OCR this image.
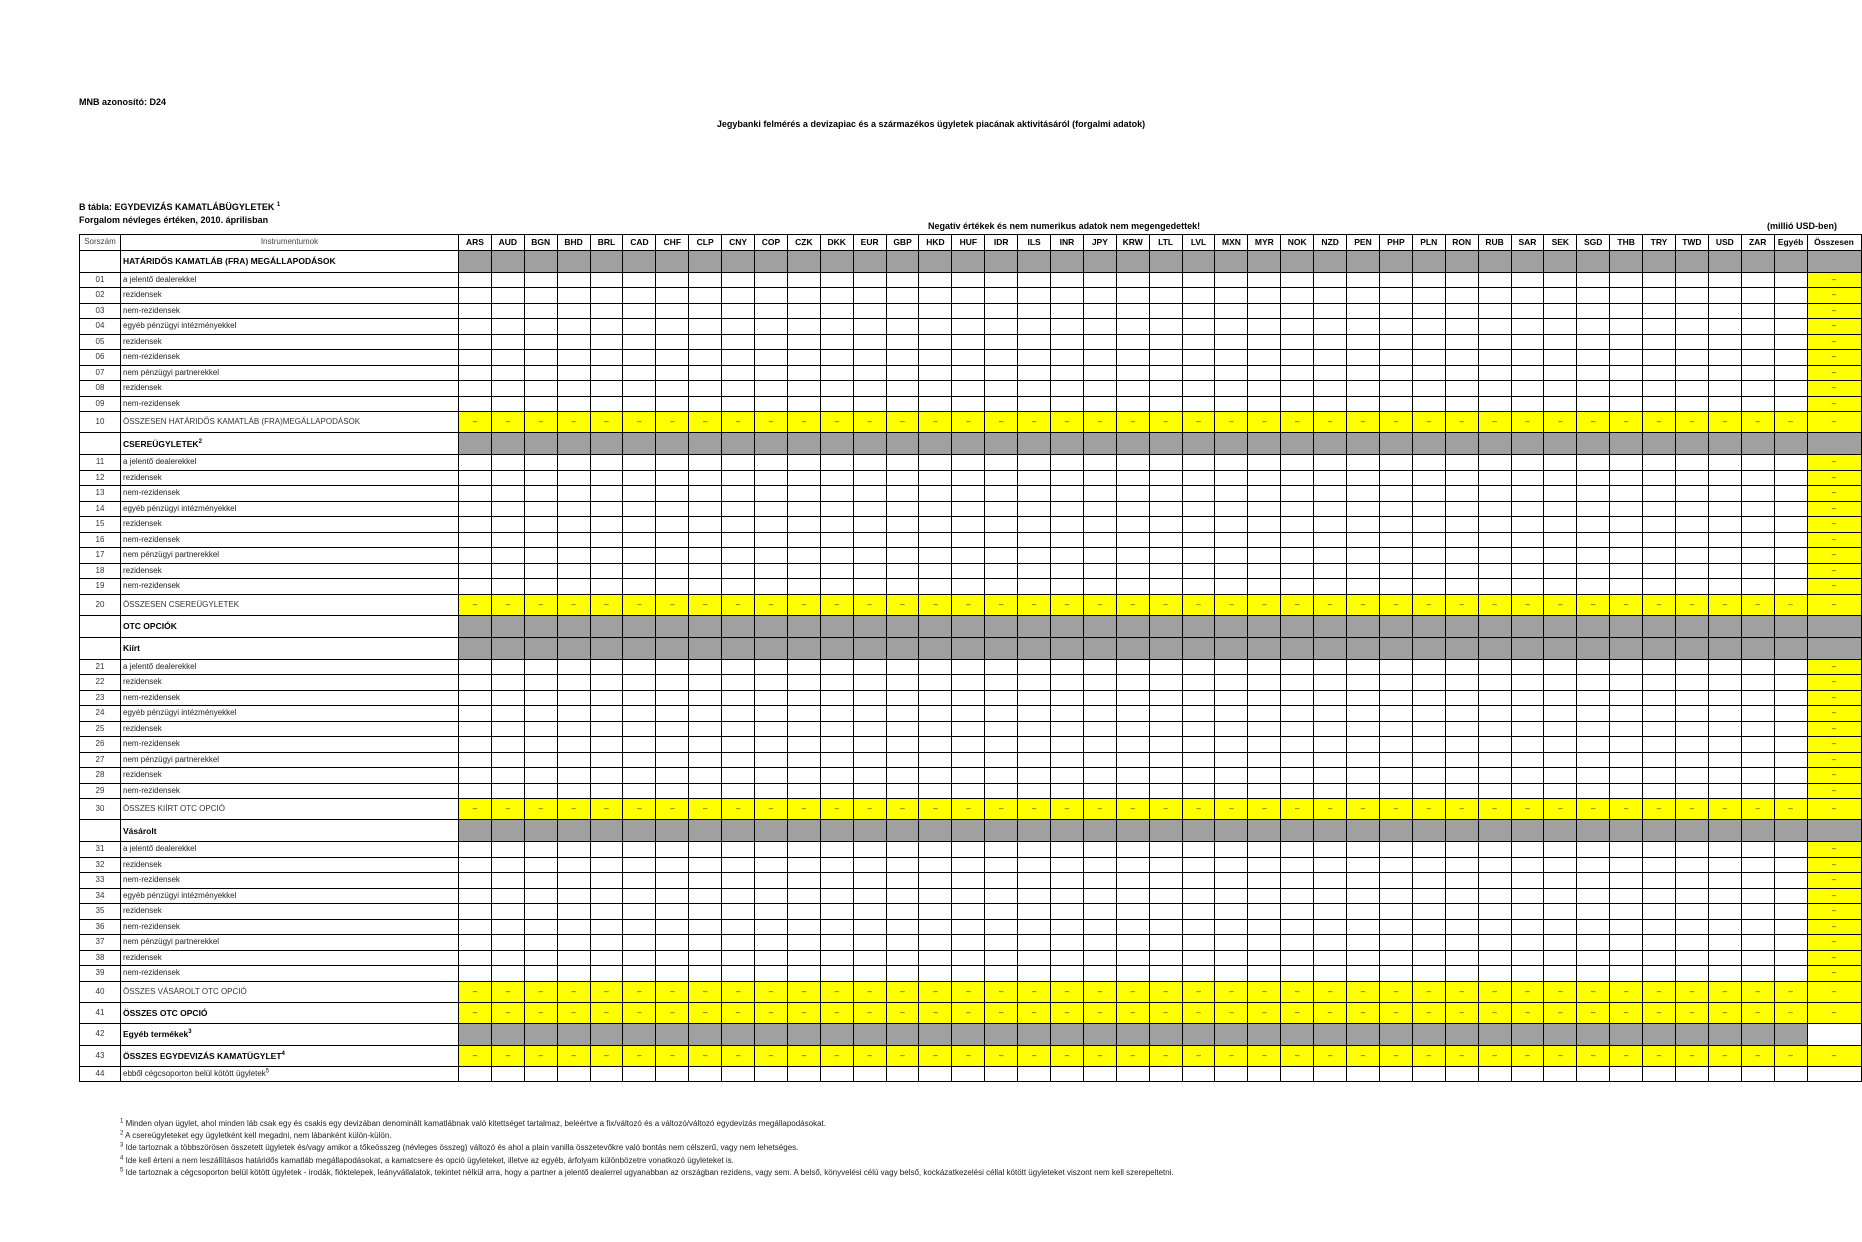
MNB azonosító: D24
Jegybanki felmérés a devizapiac és a származékos ügyletek piacának aktivitásáról (forgalmi adatok)
B tábla: EGYDEVIZÁS KAMATLÁBÜGYLETEK $^1$
Forgalom névleges értéken, 2010. áprilisban
Negatív értékek és nem numerikus adatok nem megengedettek!	(millió USD-ben)
Sorszám	Instrumentumok	ARS	AUD	BGN	BHD	BRL	CAD	CHF	CLP	CNY	COP	CZK	DKK	EUR	GBP	HKD	HUF	IDR	ILS	INR	JPY	KRW	LTL	LVL	MXN	MYR	NOK	NZD	PEN	PHP	PLN	RON	RUB	SAR	SEK	SGD	THB	TRY	TWD	USD	ZAR	Egyéb	Összesen
	HATÁRIDŐS KAMATLÁB (FRA) MEGÁLLAPODÁSOK																																										
01	a jelentő dealerekkel																																										–
02	rezidensek																																										–
03	nem-rezidensek																																										–
04	egyéb pénzügyi intézményekkel																																										–
05	rezidensek																																										–
06	nem-rezidensek																																										–
07	nem pénzügyi partnerekkel																																										–
08	rezidensek																																										–
09	nem-rezidensek																																										–
10	ÖSSZESEN HATÁRIDŐS KAMATLÁB (FRA)MEGÁLLAPODÁSOK	–	–	–	–	–	–	–	–	–	–	–	–	–	–	–	–	–	–	–	–	–	–	–	–	–	–	–	–	–	–	–	–	–	–	–	–	–	–	–	–	–	–
	CSEREÜGYLETEK$^2$																																										
11	a jelentő dealerekkel																																										–
12	rezidensek																																										–
13	nem-rezidensek																																										–
14	egyéb pénzügyi intézményekkel																																										–
15	rezidensek																																										–
16	nem-rezidensek																																										–
17	nem pénzügyi partnerekkel																																										–
18	rezidensek																																										–
19	nem-rezidensek																																										–
20	ÖSSZESEN CSEREÜGYLETEK	–	–	–	–	–	–	–	–	–	–	–	–	–	–	–	–	–	–	–	–	–	–	–	–	–	–	–	–	–	–	–	–	–	–	–	–	–	–	–	–	–	–
	OTC OPCIÓK																																										
	Kiírt																																										
21	a jelentő dealerekkel																																										–
22	rezidensek																																										–
23	nem-rezidensek																																										–
24	egyéb pénzügyi intézményekkel																																										–
25	rezidensek																																										–
26	nem-rezidensek																																										–
27	nem pénzügyi partnerekkel																																										–
28	rezidensek																																										–
29	nem-rezidensek																																										–
30	ÖSSZES KIÍRT OTC OPCIÓ	–	–	–	–	–	–	–	–	–	–	–	–	–	–	–	–	–	–	–	–	–	–	–	–	–	–	–	–	–	–	–	–	–	–	–	–	–	–	–	–	–	–
	Vásárolt																																										
31	a jelentő dealerekkel																																										–
32	rezidensek																																										–
33	nem-rezidensek																																										–
34	egyéb pénzügyi intézményekkel																																										–
35	rezidensek																																										–
36	nem-rezidensek																																										–
37	nem pénzügyi partnerekkel																																										–
38	rezidensek																																										–
39	nem-rezidensek																																										–
40	ÖSSZES VÁSÁROLT OTC OPCIÓ	–	–	–	–	–	–	–	–	–	–	–	–	–	–	–	–	–	–	–	–	–	–	–	–	–	–	–	–	–	–	–	–	–	–	–	–	–	–	–	–	–	–
41	ÖSSZES OTC OPCIÓ	–	–	–	–	–	–	–	–	–	–	–	–	–	–	–	–	–	–	–	–	–	–	–	–	–	–	–	–	–	–	–	–	–	–	–	–	–	–	–	–	–	–
42	Egyéb termékek$^3$																																										
43	ÖSSZES EGYDEVIZÁS KAMATÜGYLET$^4$	–	–	–	–	–	–	–	–	–	–	–	–	–	–	–	–	–	–	–	–	–	–	–	–	–	–	–	–	–	–	–	–	–	–	–	–	–	–	–	–	–	–
44	ebből cégcsoporton belül kötött ügyletek$^5$																																										
$^1$ Minden olyan ügylet, ahol minden láb csak egy és csakis egy devizában denominált kamatlábnak való kitettséget tartalmaz, beleértve a fix/változó és a változó/változó egydevizás megállapodásokat.
$^2$ A csereügyleteket egy ügyletként kell megadni, nem lábanként külön-külön.
$^3$ Ide tartoznak a többszörösen összetett ügyletek és/vagy amikor a tőkeösszeg (névleges összeg) változó és ahol a plain vanilla összetevőkre való bontás nem célszerű, vagy nem lehetséges.
$^4$ Ide kell érteni a nem leszállításos határidős kamatláb megállapodásokat, a kamatcsere és opció ügyleteket, illetve az egyéb, árfolyam különbözetre vonatkozó ügyleteket is.
$^5$ Ide tartoznak a cégcsoporton belül kötött ügyletek - irodák, fióktelepek, leányvállalatok, tekintet nélkül arra, hogy a partner a jelentő dealerrel ugyanabban az országban rezidens, vagy sem. A belső, könyvelési célú vagy belső, kockázatkezelési céllal kötött ügyleteket viszont nem kell szerepeltetni.
